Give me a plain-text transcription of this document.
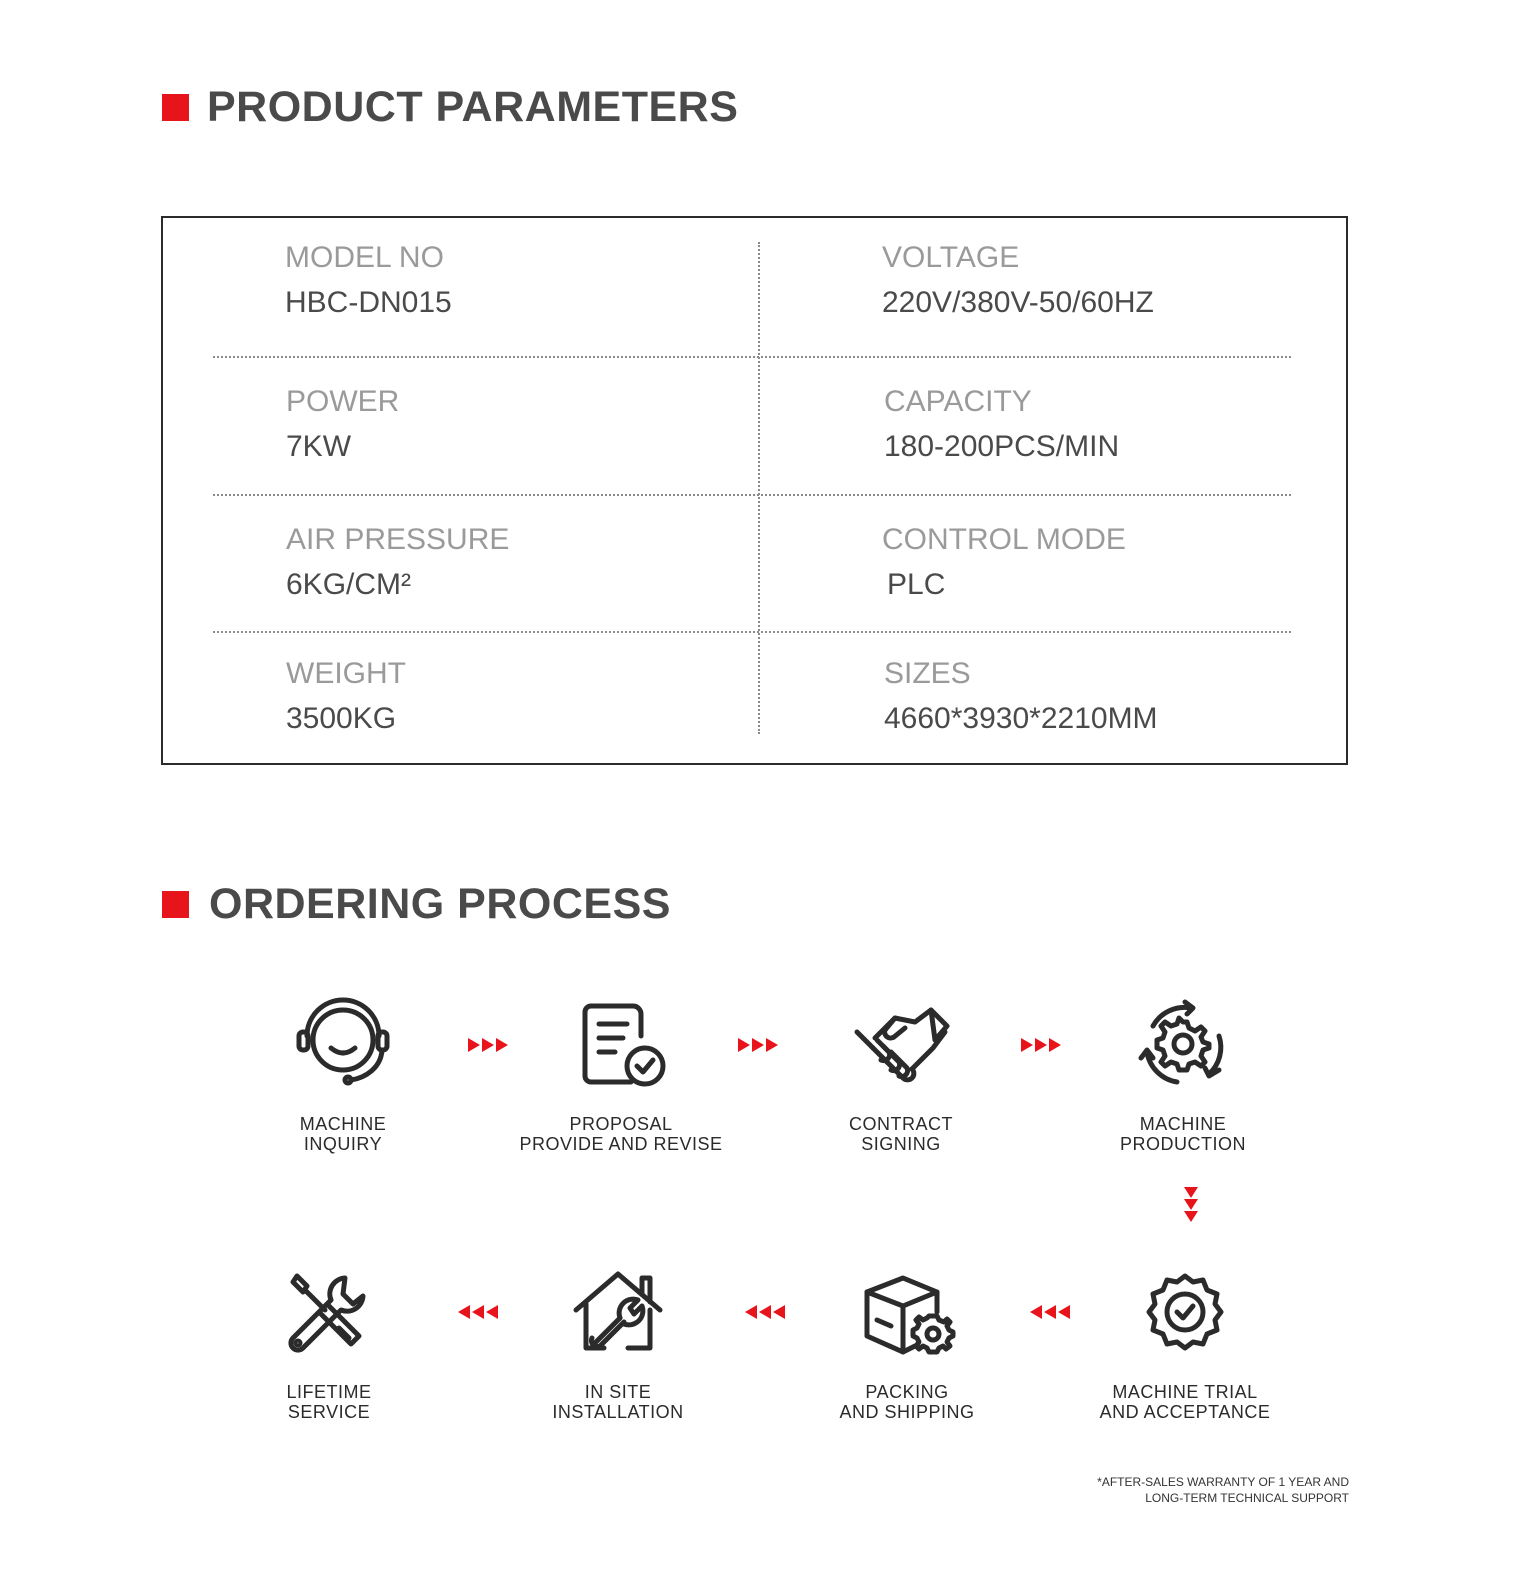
PRODUCT PARAMETERS
MODEL NO
HBC-DN015
VOLTAGE
220V/380V-50/60HZ
POWER
7KW
CAPACITY
180-200PCS/MIN
AIR PRESSURE
6KG/CM²
CONTROL MODE
PLC
WEIGHT
3500KG
SIZES
4660*3930*2210MM
ORDERING PROCESS
MACHINE
INQUIRY
PROPOSAL
PROVIDE AND REVISE
CONTRACT
SIGNING
MACHINE
PRODUCTION
MACHINE TRIAL
AND ACCEPTANCE
PACKING
AND SHIPPING
IN SITE
INSTALLATION
LIFETIME
SERVICE
*AFTER-SALES WARRANTY OF 1 YEAR AND
LONG-TERM TECHNICAL SUPPORT
